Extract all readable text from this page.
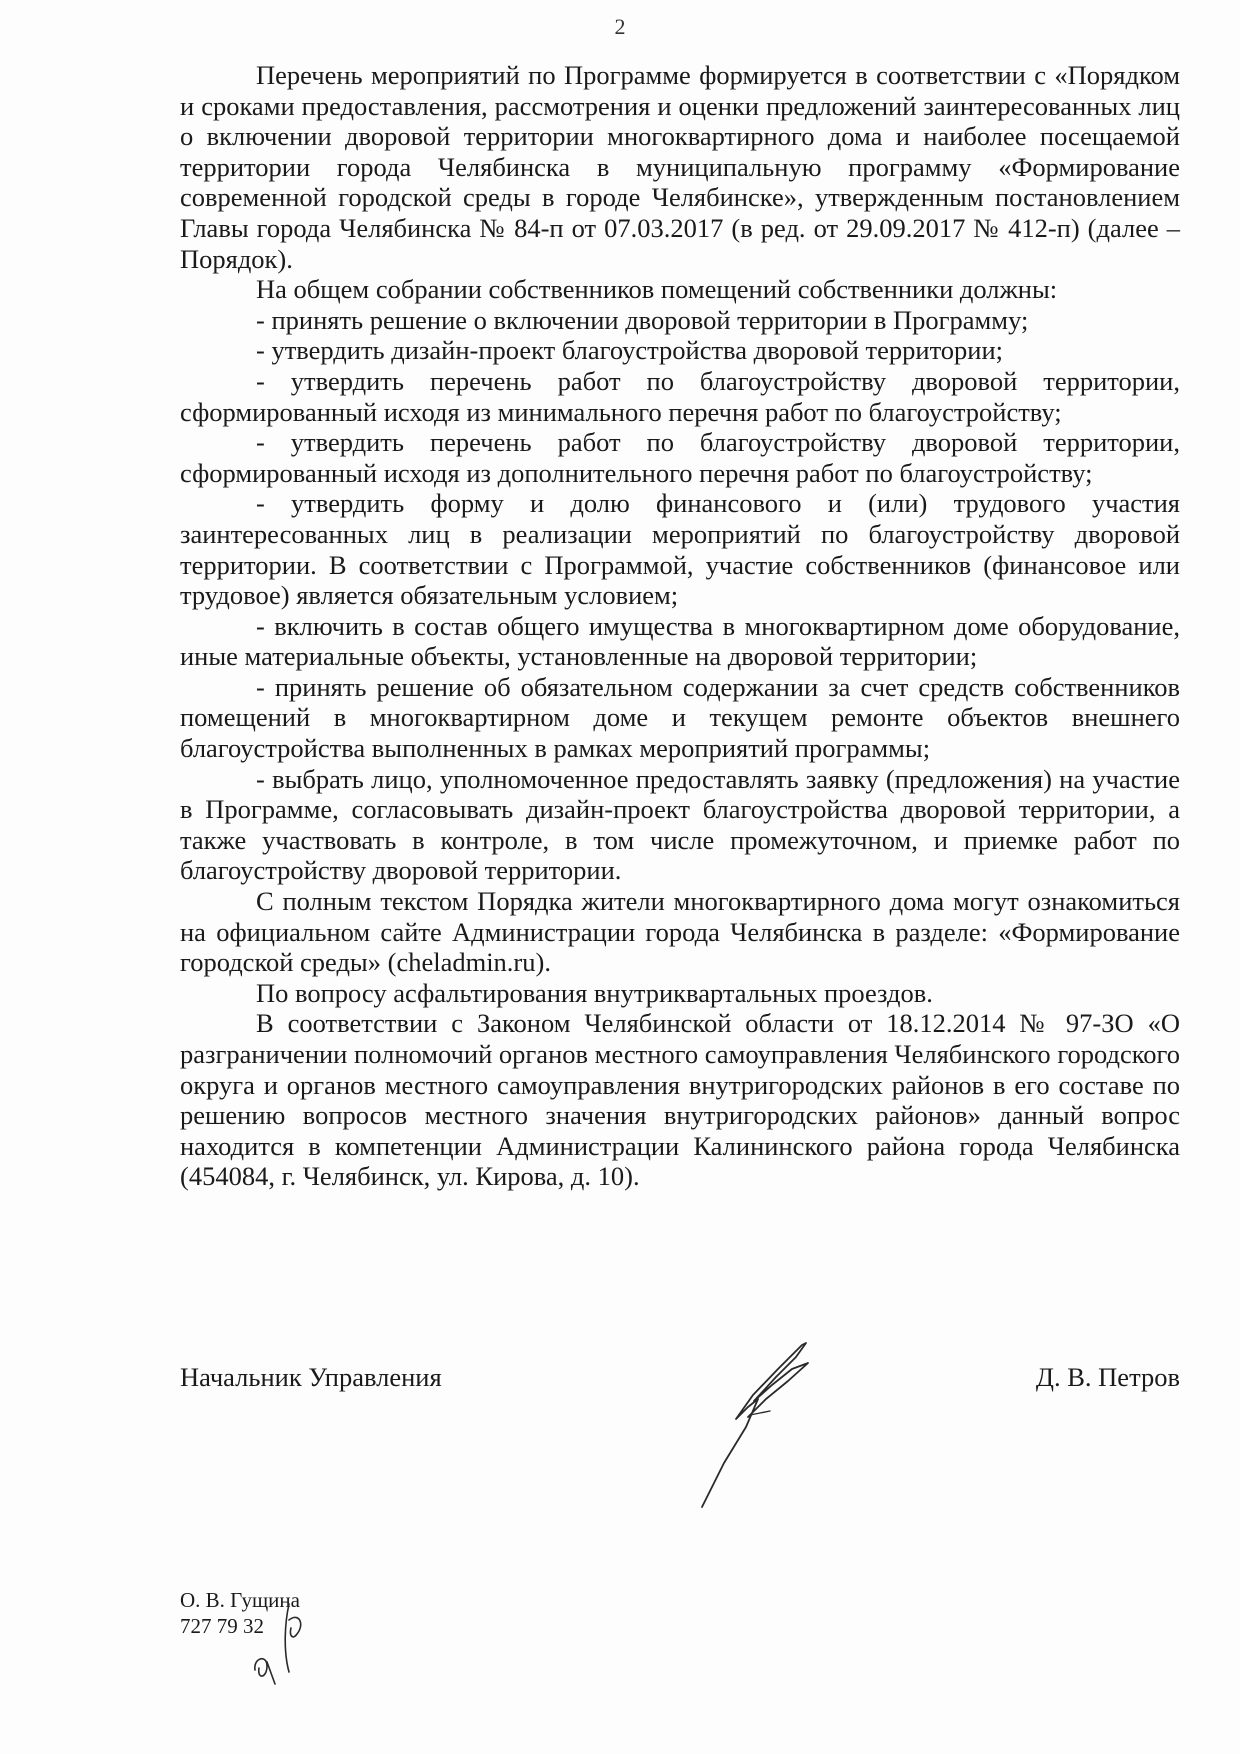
2

Перечень мероприятий по Программе формируется в соответствии с «Порядком и сроками предоставления, рассмотрения и оценки предложений заинтересованных лиц о включении дворовой территории многоквартирного дома и наиболее посещаемой территории города Челябинска в муниципальную программу «Формирование современной городской среды в городе Челябинске», утвержденным постановлением Главы города Челябинска № 84-п от 07.03.2017 (в ред. от 29.09.2017 № 412-п) (далее – Порядок).

На общем собрании собственников помещений собственники должны:

- принять решение о включении дворовой территории в Программу;

- утвердить дизайн-проект благоустройства дворовой территории;

- утвердить перечень работ по благоустройству дворовой территории, сформированный исходя из минимального перечня работ по благоустройству;

- утвердить перечень работ по благоустройству дворовой территории, сформированный исходя из дополнительного перечня работ по благоустройству;

- утвердить форму и долю финансового и (или) трудового участия заинтересованных лиц в реализации мероприятий по благоустройству дворовой территории. В соответствии с Программой, участие собственников (финансовое или трудовое) является обязательным условием;

- включить в состав общего имущества в многоквартирном доме оборудование, иные материальные объекты, установленные на дворовой территории;

- принять решение об обязательном содержании за счет средств собственников помещений в многоквартирном доме и текущем ремонте объектов внешнего благоустройства выполненных в рамках мероприятий программы;

- выбрать лицо, уполномоченное предоставлять заявку (предложения) на участие в Программе, согласовывать дизайн-проект благоустройства дворовой территории, а также участвовать в контроле, в том числе промежуточном, и приемке работ по благоустройству дворовой территории.

С полным текстом Порядка жители многоквартирного дома могут ознакомиться на официальном сайте Администрации города Челябинска в разделе: «Формирование городской среды» (cheladmin.ru).

По вопросу асфальтирования внутриквартальных проездов.

В соответствии с Законом Челябинской области от 18.12.2014 № 97-ЗО «О разграничении полномочий органов местного самоуправления Челябинского городского округа и органов местного самоуправления внутригородских районов в его составе по решению вопросов местного значения внутригородских районов» данный вопрос находится в компетенции Администрации Калининского района города Челябинска (454084, г. Челябинск, ул. Кирова, д. 10).

Начальник Управления	Д. В. Петров
О. В. Гущина
727 79 32
